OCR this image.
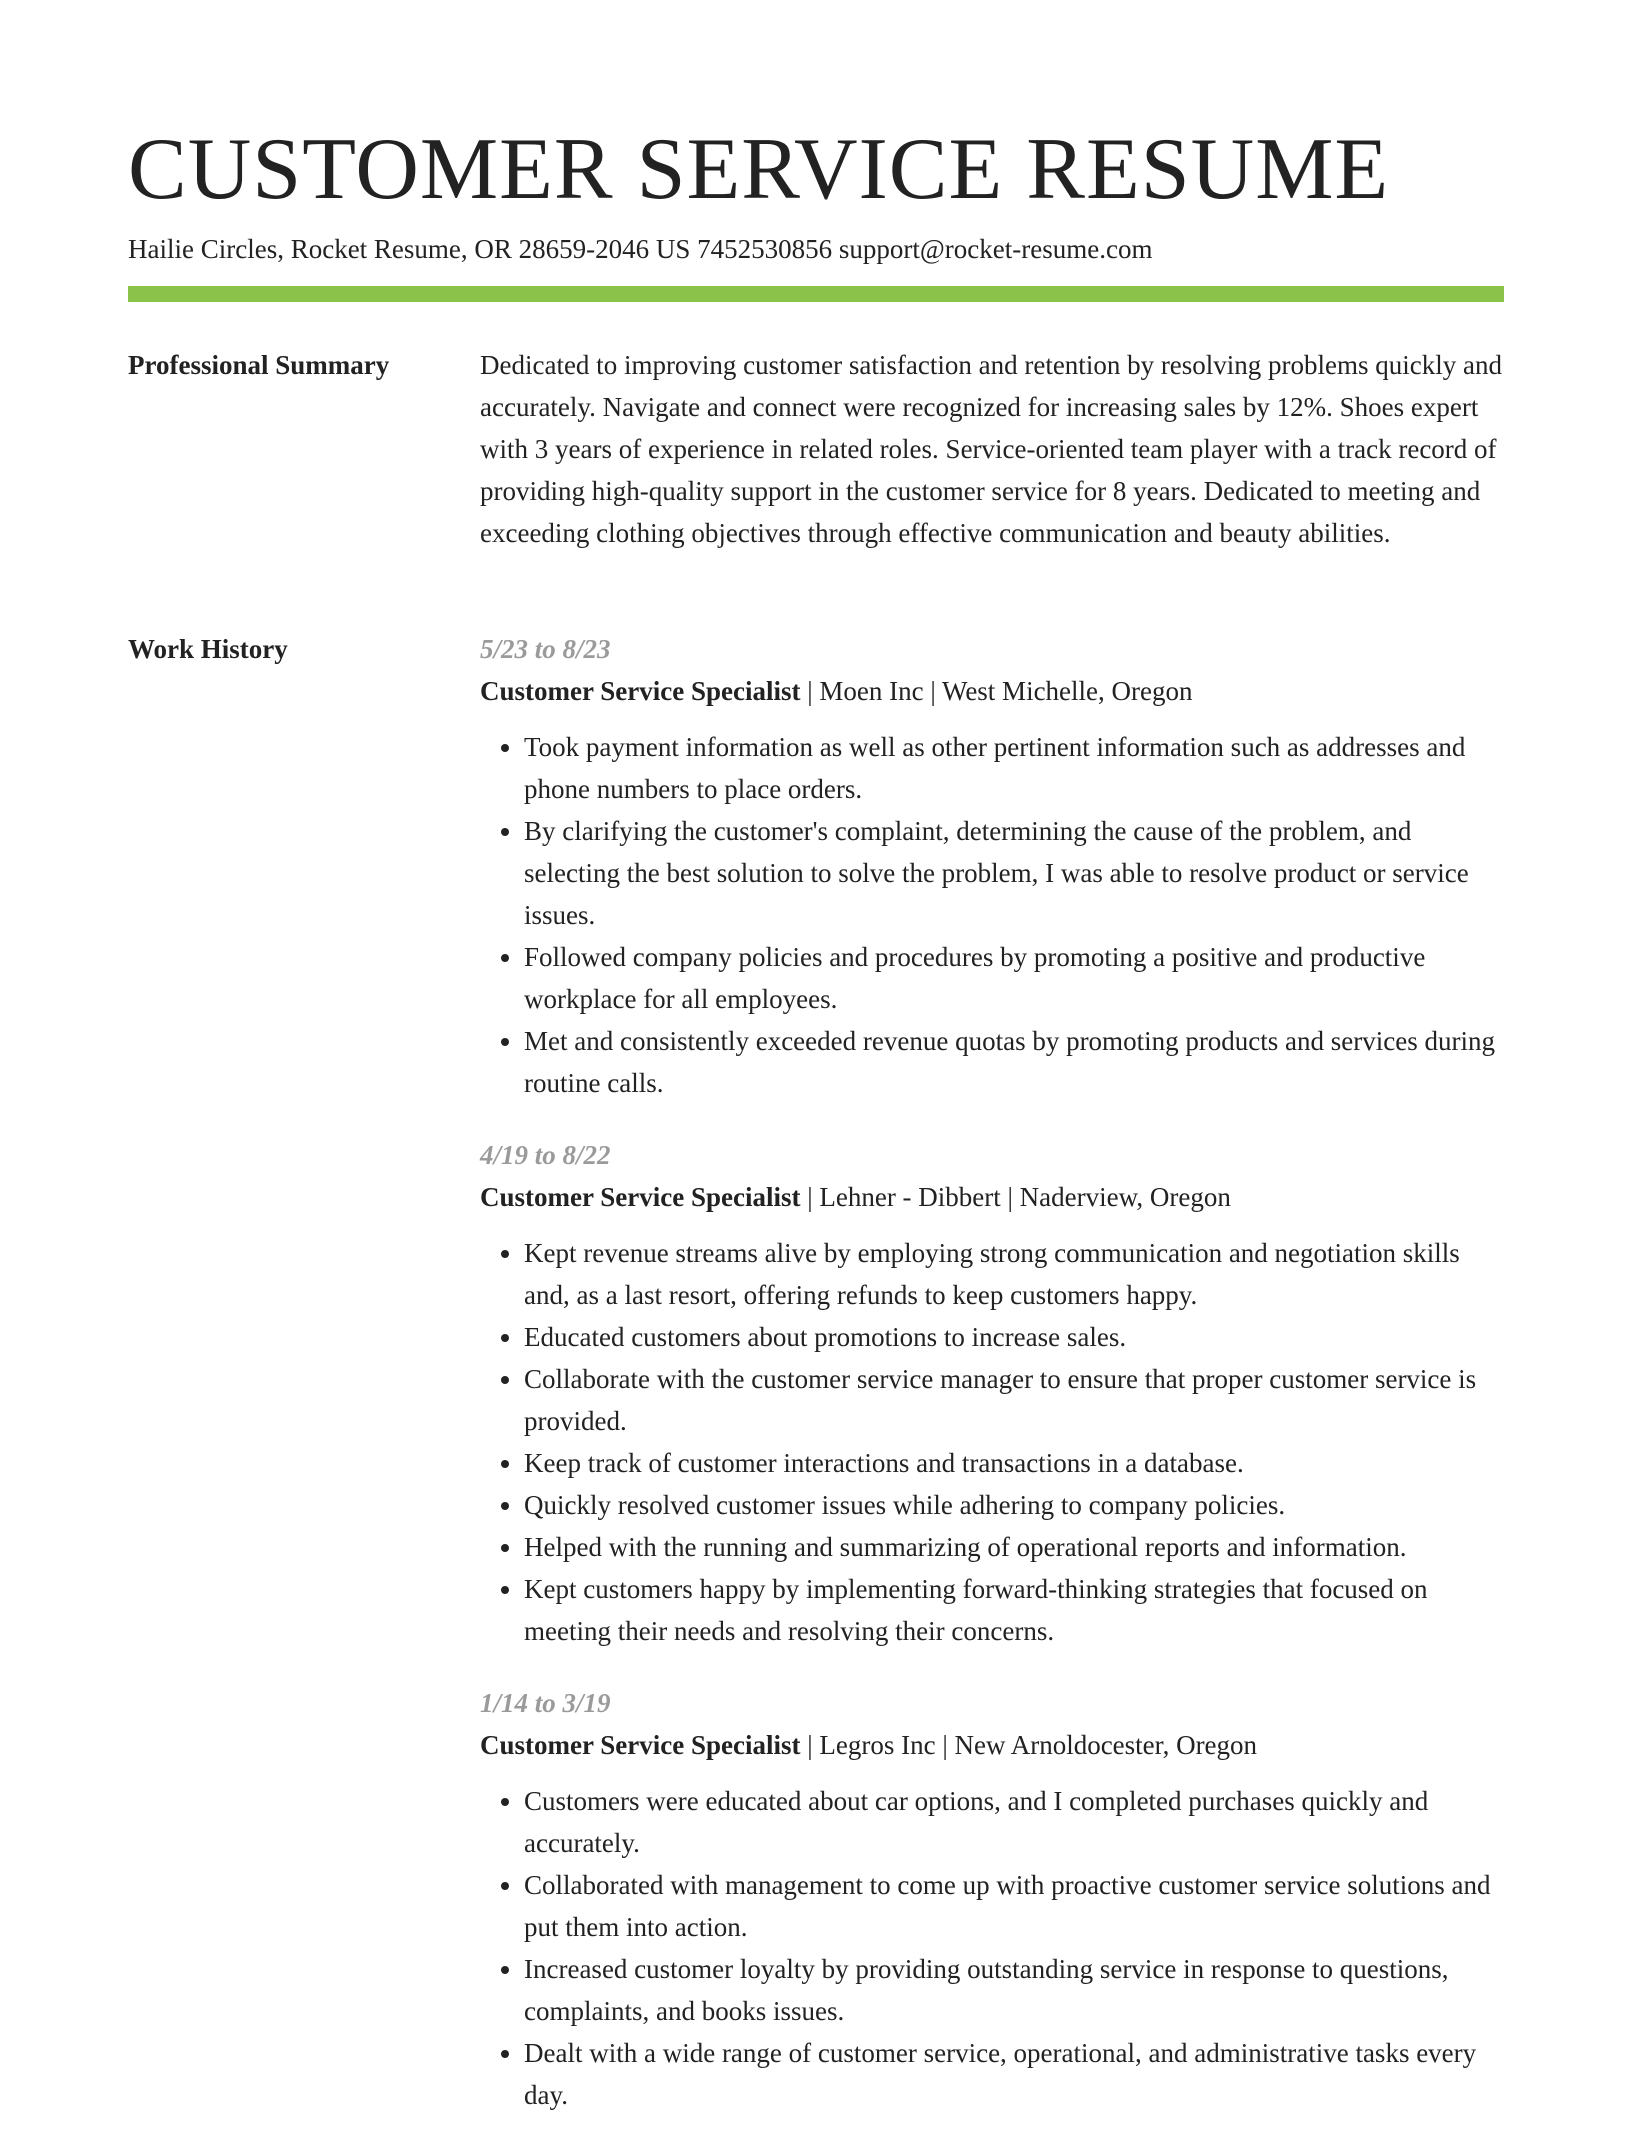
CUSTOMER SERVICE RESUME
Hailie Circles, Rocket Resume, OR 28659-2046 US 7452530856 support@rocket-resume.com
Professional Summary	Dedicated to improving customer satisfaction and retention by resolving problems quickly and accurately. Navigate and connect were recognized for increasing sales by 12%. Shoes expert with 3 years of experience in related roles. Service-oriented team player with a track record of providing high-quality support in the customer service for 8 years. Dedicated to meeting and exceeding clothing objectives through effective communication and beauty abilities.

Work History	5/23 to 8/23
Customer Service Specialist | Moen Inc | West Michelle, Oregon
• Took payment information as well as other pertinent information such as addresses and phone numbers to place orders.
• By clarifying the customer's complaint, determining the cause of the problem, and selecting the best solution to solve the problem, I was able to resolve product or service issues.
• Followed company policies and procedures by promoting a positive and productive workplace for all employees.
• Met and consistently exceeded revenue quotas by promoting products and services during routine calls.
4/19 to 8/22
Customer Service Specialist | Lehner - Dibbert | Naderview, Oregon
• Kept revenue streams alive by employing strong communication and negotiation skills and, as a last resort, offering refunds to keep customers happy.
• Educated customers about promotions to increase sales.
• Collaborate with the customer service manager to ensure that proper customer service is provided.
• Keep track of customer interactions and transactions in a database.
• Quickly resolved customer issues while adhering to company policies.
• Helped with the running and summarizing of operational reports and information.
• Kept customers happy by implementing forward-thinking strategies that focused on meeting their needs and resolving their concerns.
1/14 to 3/19
Customer Service Specialist | Legros Inc | New Arnoldocester, Oregon
• Customers were educated about car options, and I completed purchases quickly and accurately.
• Collaborated with management to come up with proactive customer service solutions and put them into action.
• Increased customer loyalty by providing outstanding service in response to questions, complaints, and books issues.
• Dealt with a wide range of customer service, operational, and administrative tasks every day.
